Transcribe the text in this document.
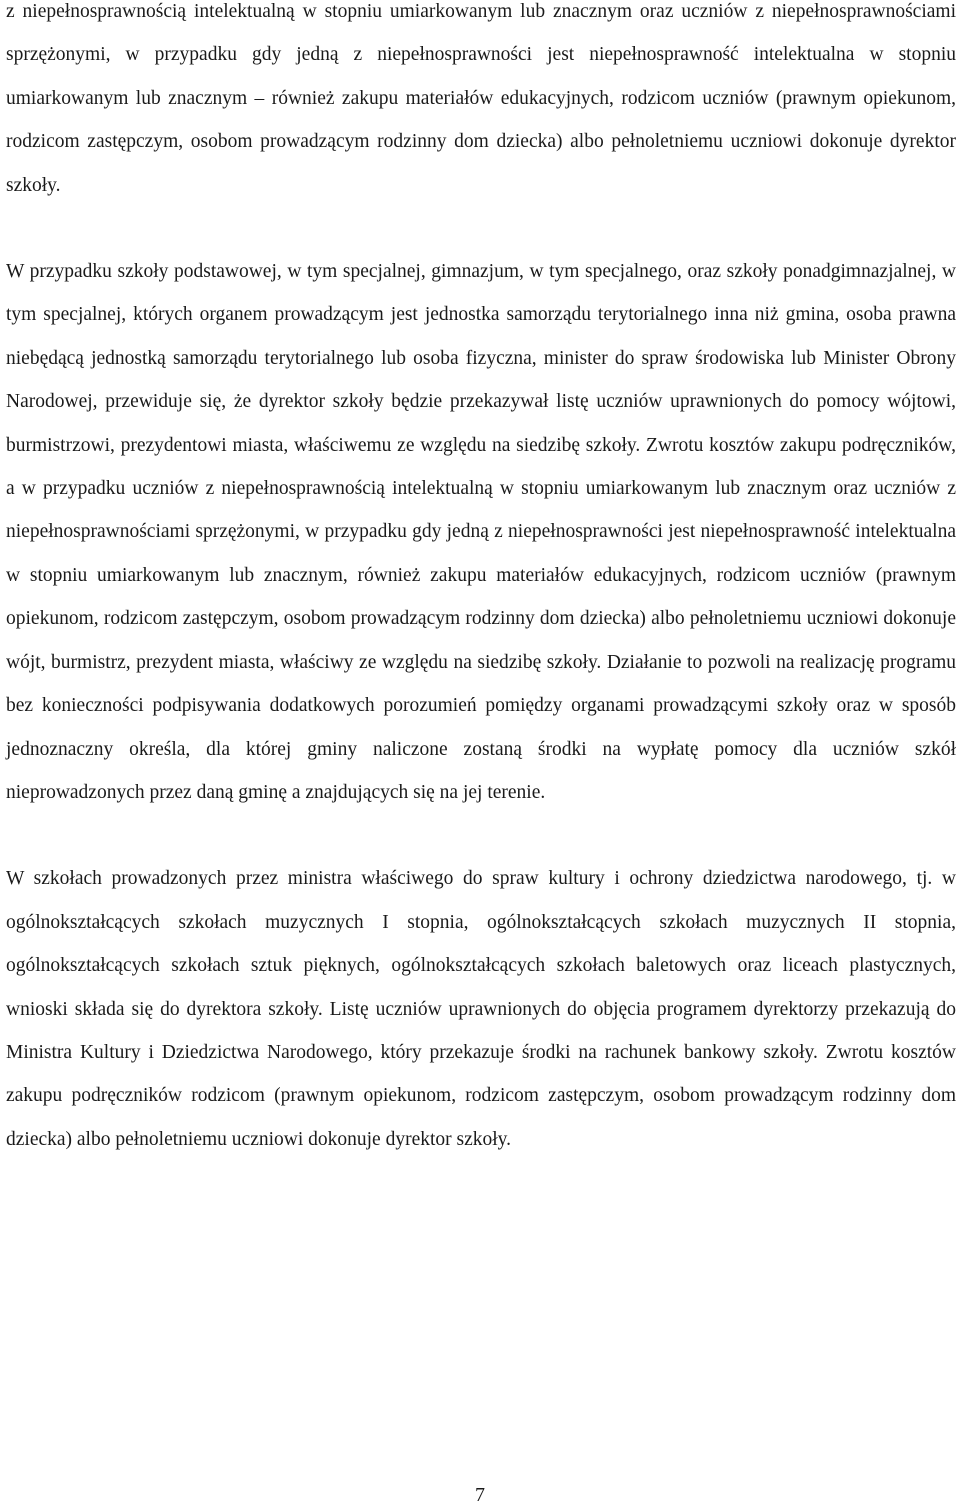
z niepełnosprawnością intelektualną w stopniu umiarkowanym lub znacznym oraz uczniów z niepełnosprawnościami sprzężonymi, w przypadku gdy jedną z niepełnosprawności jest niepełnosprawność intelektualna w stopniu umiarkowanym lub znacznym – również zakupu materiałów edukacyjnych, rodzicom uczniów (prawnym opiekunom, rodzicom zastępczym, osobom prowadzącym rodzinny dom dziecka) albo pełnoletniemu uczniowi dokonuje dyrektor szkoły.

W przypadku szkoły podstawowej, w tym specjalnej, gimnazjum, w tym specjalnego, oraz szkoły ponadgimnazjalnej, w tym specjalnej, których organem prowadzącym jest jednostka samorządu terytorialnego inna niż gmina, osoba prawna niebędącą jednostką samorządu terytorialnego lub osoba fizyczna, minister do spraw środowiska lub Minister Obrony Narodowej, przewiduje się, że dyrektor szkoły będzie przekazywał listę uczniów uprawnionych do pomocy wójtowi, burmistrzowi, prezydentowi miasta, właściwemu ze względu na siedzibę szkoły. Zwrotu kosztów zakupu podręczników, a w przypadku uczniów z niepełnosprawnością intelektualną w stopniu umiarkowanym lub znacznym oraz uczniów z niepełnosprawnościami sprzężonymi, w przypadku gdy jedną z niepełnosprawności jest niepełnosprawność intelektualna w stopniu umiarkowanym lub znacznym, również zakupu materiałów edukacyjnych, rodzicom uczniów (prawnym opiekunom, rodzicom zastępczym, osobom prowadzącym rodzinny dom dziecka) albo pełnoletniemu uczniowi dokonuje wójt, burmistrz, prezydent miasta, właściwy ze względu na siedzibę szkoły. Działanie to pozwoli na realizację programu bez konieczności podpisywania dodatkowych porozumień pomiędzy organami prowadzącymi szkoły oraz w sposób jednoznaczny określa, dla której gminy naliczone zostaną środki na wypłatę pomocy dla uczniów szkół nieprowadzonych przez daną gminę a znajdujących się na jej terenie.

W szkołach prowadzonych przez ministra właściwego do spraw kultury i ochrony dziedzictwa narodowego, tj. w ogólnokształcących szkołach muzycznych I stopnia, ogólnokształcących szkołach muzycznych II stopnia, ogólnokształcących szkołach sztuk pięknych, ogólnokształcących szkołach baletowych oraz liceach plastycznych, wnioski składa się do dyrektora szkoły. Listę uczniów uprawnionych do objęcia programem dyrektorzy przekazują do Ministra Kultury i Dziedzictwa Narodowego, który przekazuje środki na rachunek bankowy szkoły. Zwrotu kosztów zakupu podręczników rodzicom (prawnym opiekunom, rodzicom zastępczym, osobom prowadzącym rodzinny dom dziecka) albo pełnoletniemu uczniowi dokonuje dyrektor szkoły.

7
